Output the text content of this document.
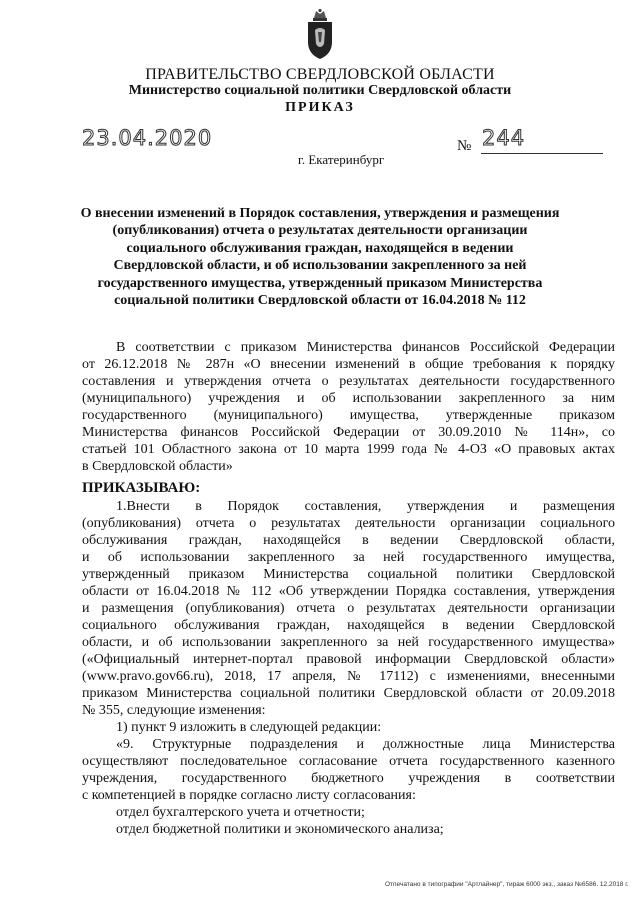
ПРАВИТЕЛЬСТВО СВЕРДЛОВСКОЙ ОБЛАСТИ
Министерство социальной политики Свердловской области
ПРИКАЗ
23.04.2020	№ 244
г. Екатеринбург
О внесении изменений в Порядок составления, утверждения и размещения
(опубликования) отчета о результатах деятельности организации
социального обслуживания граждан, находящейся в ведении
Свердловской области, и об использовании закрепленного за ней
государственного имущества, утвержденный приказом Министерства
социальной политики Свердловской области от 16.04.2018 № 112
В соответствии с приказом Министерства финансов Российской Федерации
от 26.12.2018 № 287н «О внесении изменений в общие требования к порядку
составления и утверждения отчета о результатах деятельности государственного
(муниципального) учреждения и об использовании закрепленного за ним
государственного (муниципального) имущества, утвержденные приказом
Министерства финансов Российской Федерации от 30.09.2010 № 114н», со
статьей 101 Областного закона от 10 марта 1999 года № 4-ОЗ «О правовых актах
в Свердловской области»
ПРИКАЗЫВАЮ:
1.Внести в Порядок составления, утверждения и размещения
(опубликования) отчета о результатах деятельности организации социального
обслуживания граждан, находящейся в ведении Свердловской области,
и об использовании закрепленного за ней государственного имущества,
утвержденный приказом Министерства социальной политики Свердловской
области от 16.04.2018 № 112 «Об утверждении Порядка составления, утверждения
и размещения (опубликования) отчета о результатах деятельности организации
социального обслуживания граждан, находящейся в ведении Свердловской
области, и об использовании закрепленного за ней государственного имущества»
(«Официальный интернет-портал правовой информации Свердловской области»
(www.pravo.gov66.ru), 2018, 17 апреля, № 17112) с изменениями, внесенными
приказом Министерства социальной политики Свердловской области от 20.09.2018
№ 355, следующие изменения:
1) пункт 9 изложить в следующей редакции:
«9. Структурные подразделения и должностные лица Министерства
осуществляют последовательное согласование отчета государственного казенного
учреждения, государственного бюджетного учреждения в соответствии
с компетенцией в порядке согласно листу согласования:
отдел бухгалтерского учета и отчетности;
отдел бюджетной политики и экономического анализа;
Отпечатано в типографии "Артлайнер", тираж 6000 экз., заказ №6586. 12.2018 г.
